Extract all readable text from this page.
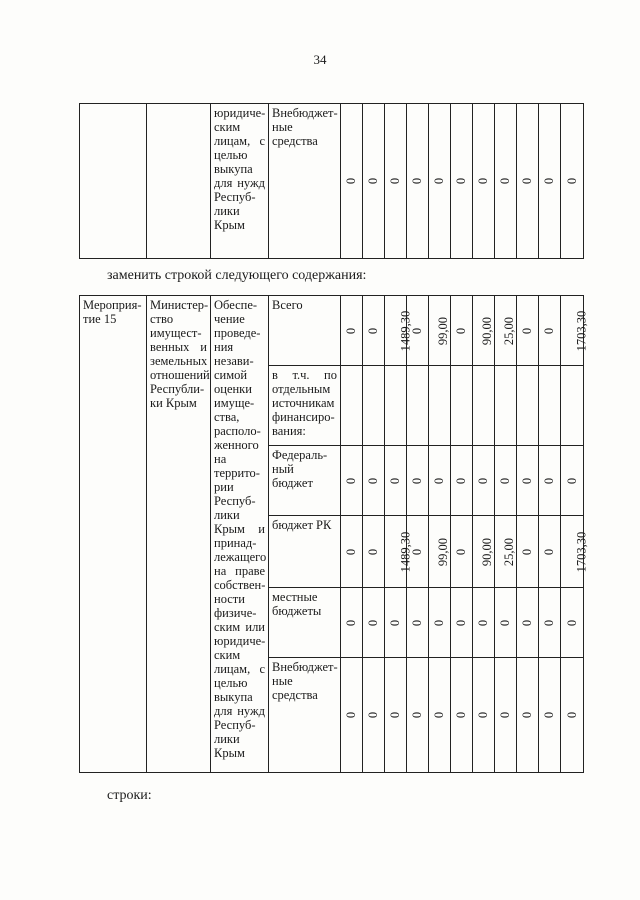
34
		юридиче-ским лицам, с целью выкупа для нужд Респуб-лики Крым	Внебюджет-ные средства	0	0	0	0	0	0	0	0	0	0	0
заменить строкой следующего содержания:
Мероприя-тие 15	Министер-ство имущест-венных и земельных отношений Республи-ки Крым	Обеспе-чение проведе-ния незави-симой оценки имуще-ства, располо-женного на террито-рии Респуб-лики Крым и принад-лежащего на праве собствен-ности физиче-ским или юридиче-ским лицам, с целью выкупа для нужд Респуб-лики Крым	Всего	0	0	1489,30	0	99,00	0	90,00	25,00	0	0	1703,30
			в т.ч. по отдельным источникам финансиро-вания:											
			Федераль-ный бюджет	0	0	0	0	0	0	0	0	0	0	0
			бюджет РК	0	0	1489,30	0	99,00	0	90,00	25,00	0	0	1703,30
			местные бюджеты	0	0	0	0	0	0	0	0	0	0	0
			Внебюджет-ные средства	0	0	0	0	0	0	0	0	0	0	0
строки:
